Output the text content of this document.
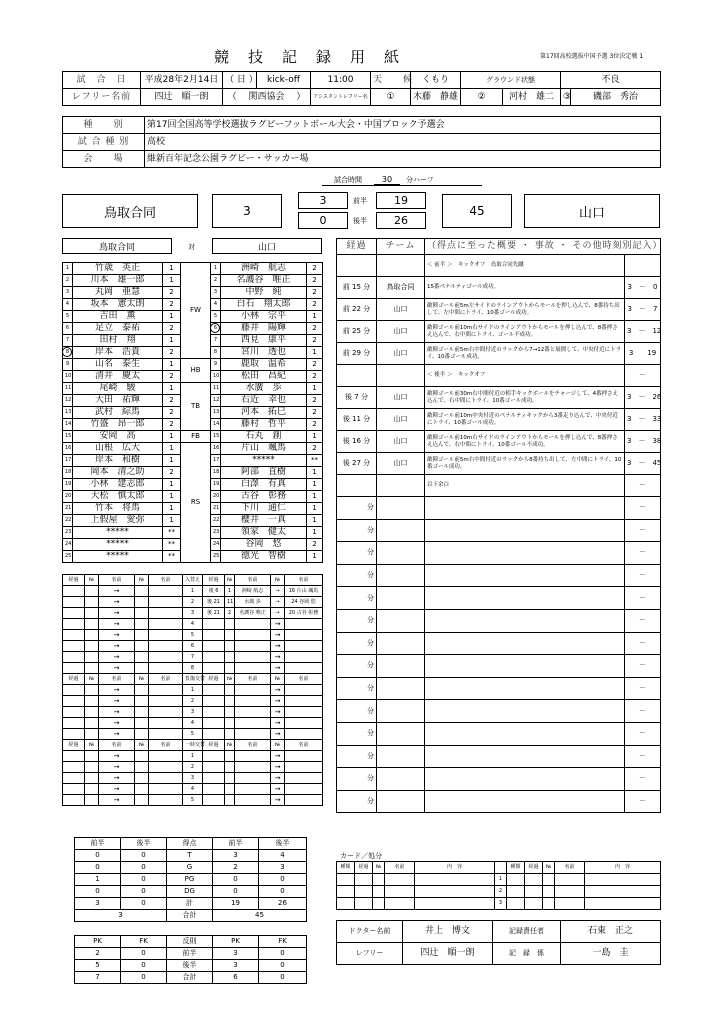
競　技　記　録　用　紙	第17回高校選抜中国予選 3位決定戦 1
試　合　日	平成28年2月14日	（ 日 ）	kick-off	11:00	天　　候	くもり	グラウンド状態		不良	
レフリー名前	四辻　順一朗	（　 関西協会　 ）		アシスタントレフリー名	①	木藤　静雄	②	河村　雄二	③	磯部　秀治
種　　別	第17回全国高等学校選抜ラグビーフットボール大会・中国ブロック予選会
試 合 種 別	高校
会　　場	維新百年記念公園ラグビー・サッカー場
試合時間	30	分ハーフ
鳥取合同	3
3
0
前半
後半
19
26
45	山口
鳥取合同	対	山口
1	竹歳　英正	1
2	川本　雄一郎	1
3	丸岡　亜慧	2
4	坂本　憲太朗	2
5	吉田　薫	1
6	足立　泰祐	2
7	田村　翔	1
8	岸本　浩貴	2
9	山名　泰生	1
10	清井　慶太	2
11	尾崎　駿	1
12	大田　祐輝	2
13	武村　綜馬	2
14	竹盛　昂一郎	2
15	安岡　高	1
16	山根　広大	1
17	岸本　和樹	1
18	岡本　清之助	2
19	小林　建志郎	1
20	大松　慎太郎	1
21	竹本　将馬	1
22	上假屋　愛弥	1
23	*****	**
24	*****	**
25	*****	**
FW
HB
TB
FB
RS
1	洲崎　航志	2
2	名護谷　唯正	2
3	中野　純	2
4	白石　翔太郎	2
5	小林　宗平	1
6	藤井　陽輝	2
7	西見　康平	2
8	宮川　透也	1
9	鹿取　温希	2
10	松田　昌紀	2
11	水廣　歩	1
12	右近　幸也	2
13	河本　拓巳	2
14	藤村　哲平	2
15	石丸　創	1
16	片山　颯馬	2
17	*****	**
18	阿部　直樹	1
19	白澤　有真	1
20	古谷　彰務	1
21	下川　通仁	1
22	櫻井　一真	1
23	領家　健太	1
24	谷岡　悠	2
25	德光　智樹	1
経過	チーム	（得点に至った概要 ・ 事故 ・ その他時刻別記入）	
		＜ 前半 ＞　キックオフ　鳥取合同先蹴	
前 15 分	鳥取合同	15番ペナルティゴール成功。	3　－　0
前 22 分	山口	敵陣ゴール前5m左サイドのラインアウトからモールを押し込んで、8番持ち出して、左中間にトライ、10番ゴール成功。	3　－　7
前 25 分	山口	敵陣ゴール前10m右サイドのラインアウトからモールを押し込んで、8番押さえ込んで、右中間にトライ、ゴール不成功。	3　－　12
前 29 分	山口	敵陣ゴール前5m右中間付近のラックから7→12番と展開して、中央付近にトライ、10番ゴール成功。	3　　19
		＜ 後半 ＞　キックオフ	－
後 7 分	山口	敵陣ゴール前30m右中間付近の相手キックボールをチャージして、4番押さえ込んで、右中間にトライ、10番ゴール成功。	3　－　26
後 11 分	山口	敵陣ゴール前10m中央付近のペナルティキックから3番走り込んで、中央付近にトライ、10番ゴール成功。	3　－　33
後 16 分	山口	敵陣ゴール前10m右サイドのラインアウトからモールを押し込んで、8番押さえ込んで、右中間にトライ、10番ゴール不成功。	3　－　38
後 27 分	山口	敵陣ゴール前5m右中間付近のラックから8番持ち出して、左中間にトライ、10番ゴール成功。	3　－　45
		以下余白	－
分			－
分			－
分			－
分			－
分			－
分			－
分			－
分			－
分			－
分			－
分			－
分			－
分			－
分			－
経過	№	名前	№	名前	入替え	経過	№	名前	№	名前
		→			1	後 6	1	洲崎 航志	→	16 片山 颯馬
		→			2	後 21	11	水廣 歩	→	24 谷岡 悠
		→			3	後 21	2	名護谷 唯正	→	20 古谷 彰務
		→			4				→	
		→			5				→	
		→			6				→	
		→			7				→	
		→			8				→	
経過	№	名前	№	名前	負傷交替	経過	№	名前	№	名前
		→			1				→	
		→			2				→	
		→			3				→	
		→			4				→	
		→			5				→	
経過	№	名前	№	名前	一時交替	経過	№	名前	№	名前
		→			1				→	
		→			2				→	
		→			3				→	
		→			4				→	
		→			5				→	
前半	後半	得点	前半	後半
0	0	T	3	4
0	0	G	2	3
1	0	PG	0	0
0	0	DG	0	0
3	0	計	19	26
3		合計	45	
PK	FK	反則	PK	FK
2	0	前半	3	0
5	0	後半	3	0
7	0	合計	6	0
カード／処分
種類	経過	№	名前	内　容		種類	経過	№	名前	内　容
					1					
					2					
					3					
ドクター名前	井上　博文	記録責任者	石東　正之
レフリー	四辻　順一朗	記　録　係	一島　圭
